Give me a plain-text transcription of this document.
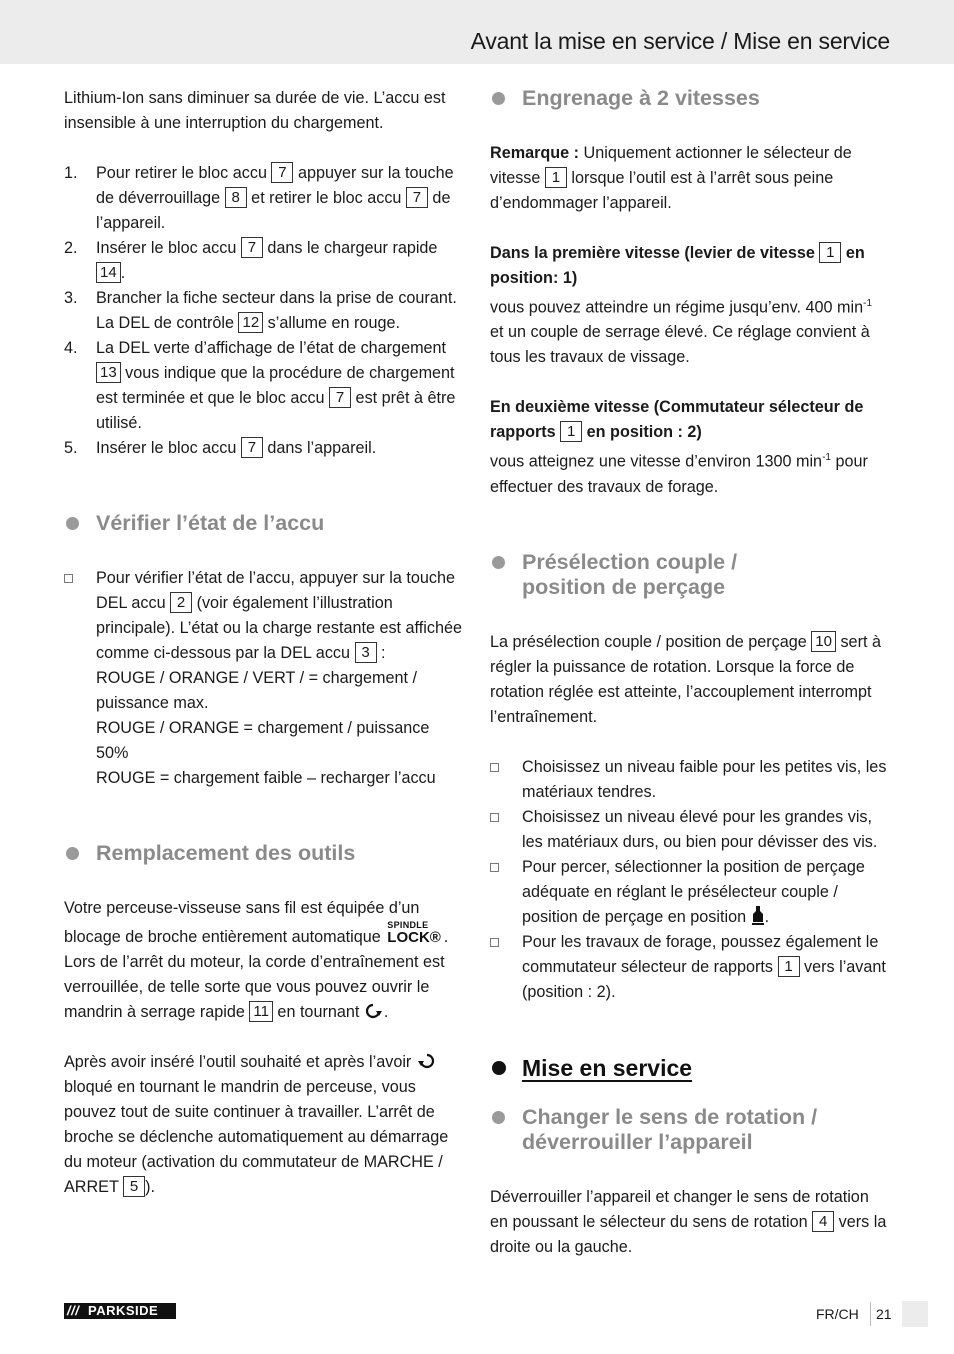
Avant la mise en service / Mise en service

Lithium-Ion sans diminuer sa durée de vie. L’accu est insensible à une interruption du chargement.

1. Pour retirer le bloc accu 7 appuyer sur la touche de déverrouillage 8 et retirer le bloc accu 7 de l’appareil.
2. Insérer le bloc accu 7 dans le chargeur rapide 14 .
3. Brancher la fiche secteur dans la prise de courant. La DEL de contrôle 12 s’allume en rouge.
4. La DEL verte d’affichage de l’état de chargement 13 vous indique que la procédure de chargement est terminée et que le bloc accu 7 est prêt à être utilisé.
5. Insérer le bloc accu 7 dans l’appareil.
Vérifier l’état de l’accu
Pour vérifier l’état de l’accu, appuyer sur la touche DEL accu 2 (voir également l’illustration principale). L’état ou la charge restante est affichée comme ci-dessous par la DEL accu 3 :
ROUGE / ORANGE / VERT / = chargement / puissance max.
ROUGE / ORANGE = chargement / puissance 50%
ROUGE = chargement faible – recharger l’accu
Remplacement des outils

Votre perceuse-visseuse sans fil est équipée d’un blocage de broche entièrement automatique
SPINDLE
LOCK®
. Lors de l’arrêt du moteur, la corde d’entraînement est verrouillée, de telle sorte que vous pouvez ouvrir le mandrin à serrage rapide 11 en tournant .

Après avoir inséré l’outil souhaité et après l’avoir  bloqué en tournant le mandrin de perceuse, vous pouvez tout de suite continuer à travailler. L’arrêt de broche se déclenche automatiquement au démarrage du moteur (activation du commutateur de MARCHE / ARRET 5 ).

Engrenage à 2 vitesses

Remarque : Uniquement actionner le sélecteur de vitesse 1 lorsque l’outil est à l’arrêt sous peine d’endommager l’appareil.

Dans la première vitesse (levier de vitesse 1 en position: 1)
vous pouvez atteindre un régime jusqu’env. 400 $\min^{-1}$ et un couple de serrage élevé. Ce réglage convient à tous les travaux de vissage.

En deuxième vitesse (Commutateur sélecteur de rapports 1 en position : 2)
vous atteignez une vitesse d’environ 1300 $\min^{-1}$ pour effectuer des travaux de forage.

Présélection couple /
position de perçage

La présélection couple / position de perçage 10 sert à régler la puissance de rotation. Lorsque la force de rotation réglée est atteinte, l’accouplement interrompt l’entraînement.

Choisissez un niveau faible pour les petites vis, les matériaux tendres.
Choisissez un niveau élevé pour les grandes vis, les matériaux durs, ou bien pour dévisser des vis.
Pour percer, sélectionner la position de perçage adéquate en réglant le présélecteur couple / position de perçage en position .
Pour les travaux de forage, poussez également le commutateur sélecteur de rapports 1 vers l’avant (position : 2).
Mise en service
Changer le sens de rotation /
déverrouiller l’appareil

Déverrouiller l’appareil et changer le sens de rotation en poussant le sélecteur du sens de rotation 4 vers la droite ou la gauche.

/// PARKSIDE	FR/CH 21
